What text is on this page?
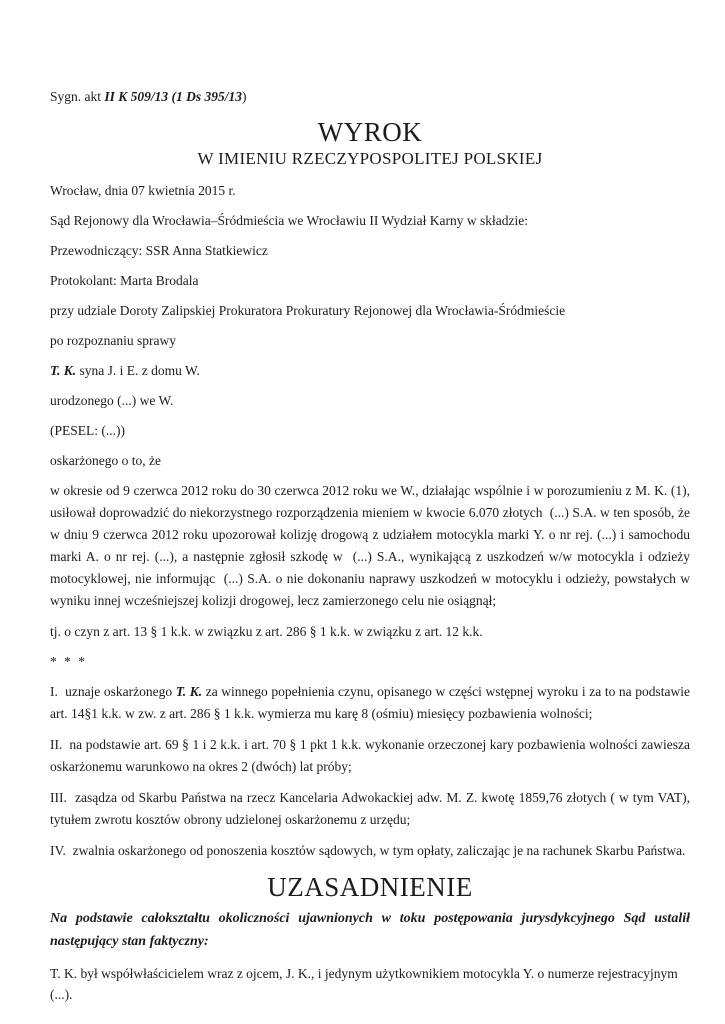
Sygn. akt II K 509/13 (1 Ds 395/13)

WYROK
W IMIENIU RZECZYPOSPOLITEJ POLSKIEJ

Wrocław, dnia 07 kwietnia 2015 r.

Sąd Rejonowy dla Wrocławia–Śródmieścia we Wrocławiu II Wydział Karny w składzie:

Przewodniczący: SSR Anna Statkiewicz

Protokolant: Marta Brodala

przy udziale Doroty Zalipskiej Prokuratora Prokuratury Rejonowej dla Wrocławia-Śródmieście

po rozpoznaniu sprawy

T. K. syna J. i E. z domu W.

urodzonego (...) we W.

(PESEL: (...))

oskarżonego o to, że

w okresie od 9 czerwca 2012 roku do 30 czerwca 2012 roku we W., działając wspólnie i w porozumieniu z M. K. (1), usiłował doprowadzić do niekorzystnego rozporządzenia mieniem w kwocie 6.070 złotych  (...) S.A. w ten sposób, że w dniu 9 czerwca 2012 roku upozorował kolizję drogową z udziałem motocykla marki Y. o nr rej. (...) i samochodu marki A. o nr rej. (...), a następnie zgłosił szkodę w  (...) S.A., wynikającą z uszkodzeń w/w motocykla i odzieży motocyklowej, nie informując  (...) S.A. o nie dokonaniu naprawy uszkodzeń w motocyklu i odzieży, powstałych w wyniku innej wcześniejszej kolizji drogowej, lecz zamierzonego celu nie osiągnął;

tj. o czyn z art. 13 § 1 k.k. w związku z art. 286 § 1 k.k. w związku z art. 12 k.k.

* * *

I.  uznaje oskarżonego T. K. za winnego popełnienia czynu, opisanego w części wstępnej wyroku i za to na podstawie art. 14§1 k.k. w zw. z art. 286 § 1 k.k. wymierza mu karę 8 (ośmiu) miesięcy pozbawienia wolności;

II.  na podstawie art. 69 § 1 i 2 k.k. i art. 70 § 1 pkt 1 k.k. wykonanie orzeczonej kary pozbawienia wolności zawiesza oskarżonemu warunkowo na okres 2 (dwóch) lat próby;

III.  zasądza od Skarbu Państwa na rzecz Kancelaria Adwokackiej adw. M. Z. kwotę 1859,76 złotych ( w tym VAT), tytułem zwrotu kosztów obrony udzielonej oskarżonemu z urzędu;

IV.  zwalnia oskarżonego od ponoszenia kosztów sądowych, w tym opłaty, zaliczając je na rachunek Skarbu Państwa.

UZASADNIENIE

Na podstawie całokształtu okoliczności ujawnionych w toku postępowania jurysdykcyjnego Sąd ustalił następujący stan faktyczny:

T. K. był współwłaścicielem wraz z ojcem, J. K., i jedynym użytkownikiem motocykla Y. o numerze rejestracyjnym (...).
